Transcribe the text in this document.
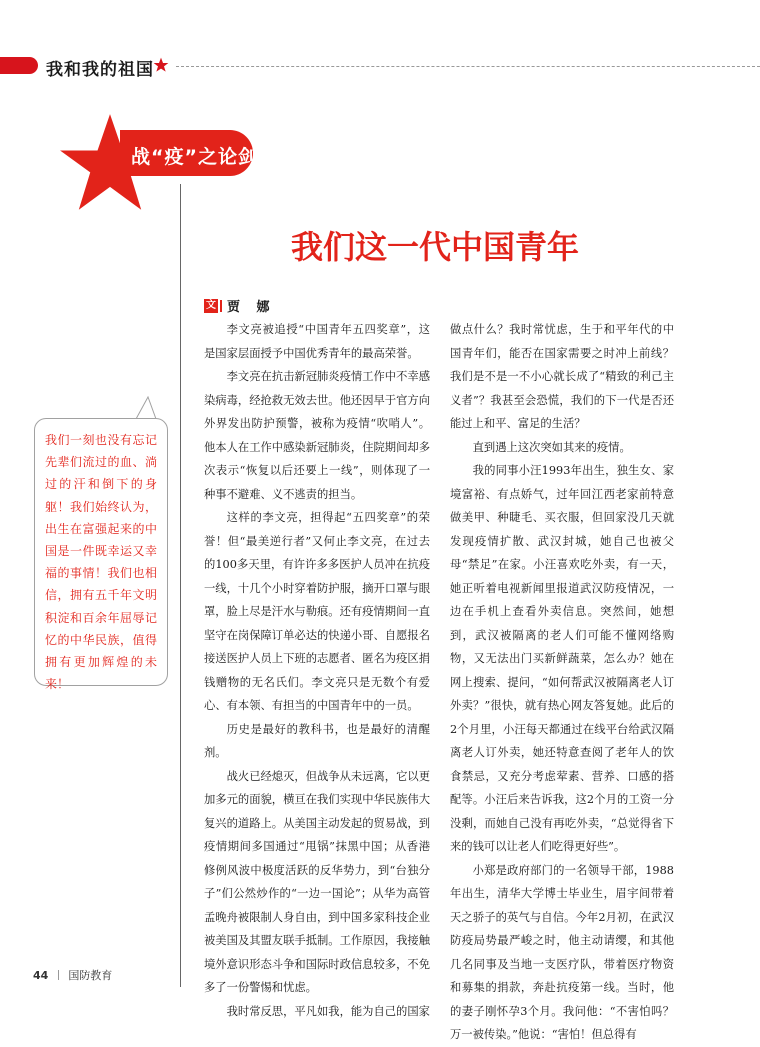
我和我的祖国
战“疫”之论剑
我们这一代中国青年
文 贾 娜

我们一刻也没有忘记先辈们流过的血、淌过的汗和倒下的身躯！我们始终认为，出生在富强起来的中国是一件既幸运又幸福的事情！我们也相信，拥有五千年文明积淀和百余年屈辱记忆的中华民族，值得拥有更加辉煌的未来！

李文亮被追授“中国青年五四奖章”，这是国家层面授予中国优秀青年的最高荣誉。

李文亮在抗击新冠肺炎疫情工作中不幸感染病毒，经抢救无效去世。他还因早于官方向外界发出防护预警，被称为疫情“吹哨人”。他本人在工作中感染新冠肺炎，住院期间却多次表示“恢复以后还要上一线”，则体现了一种事不避难、义不逃责的担当。

这样的李文亮，担得起“五四奖章”的荣誉！但“最美逆行者”又何止李文亮，在过去的100多天里，有许许多多医护人员冲在抗疫一线，十几个小时穿着防护服，摘开口罩与眼罩，脸上尽是汗水与勒痕。还有疫情期间一直坚守在岗保障订单必达的快递小哥、自愿报名接送医护人员上下班的志愿者、匿名为疫区捐钱赠物的无名氏们。李文亮只是无数个有爱心、有本领、有担当的中国青年中的一员。

历史是最好的教科书，也是最好的清醒剂。

战火已经熄灭，但战争从未远离，它以更加多元的面貌，横亘在我们实现中华民族伟大复兴的道路上。从美国主动发起的贸易战，到疫情期间多国通过“甩锅”抹黑中国；从香港修例风波中极度活跃的反华势力，到“台独分子”们公然炒作的“一边一国论”；从华为高管孟晚舟被限制人身自由，到中国多家科技企业被美国及其盟友联手抵制。工作原因，我接触境外意识形态斗争和国际时政信息较多，不免多了一份警惕和忧虑。

我时常反思，平凡如我，能为自己的国家

做点什么？我时常忧虑，生于和平年代的中国青年们，能否在国家需要之时冲上前线？我们是不是一不小心就长成了“精致的利己主义者”？我甚至会恐慌，我们的下一代是否还能过上和平、富足的生活？

直到遇上这次突如其来的疫情。

我的同事小汪1993年出生，独生女、家境富裕、有点娇气，过年回江西老家前特意做美甲、种睫毛、买衣服，但回家没几天就发现疫情扩散、武汉封城，她自己也被父母“禁足”在家。小汪喜欢吃外卖，有一天，她正听着电视新闻里报道武汉防疫情况，一边在手机上查看外卖信息。突然间，她想到，武汉被隔离的老人们可能不懂网络购物，又无法出门买新鲜蔬菜，怎么办？她在网上搜索、提问，“如何帮武汉被隔离老人订外卖？”很快，就有热心网友答复她。此后的2个月里，小汪每天都通过在线平台给武汉隔离老人订外卖，她还特意查阅了老年人的饮食禁忌，又充分考虑荤素、营养、口感的搭配等。小汪后来告诉我，这2个月的工资一分没剩，而她自己没有再吃外卖，“总觉得省下来的钱可以让老人们吃得更好些”。

小郑是政府部门的一名领导干部，1988年出生，清华大学博士毕业生，眉宇间带着天之骄子的英气与自信。今年2月初，在武汉防疫局势最严峻之时，他主动请缨，和其他几名同事及当地一支医疗队，带着医疗物资和募集的捐款，奔赴抗疫第一线。当时，他的妻子刚怀孕3个月。我问他：“不害怕吗？万一被传染。”他说：“害怕！但总得有

44 国防教育
